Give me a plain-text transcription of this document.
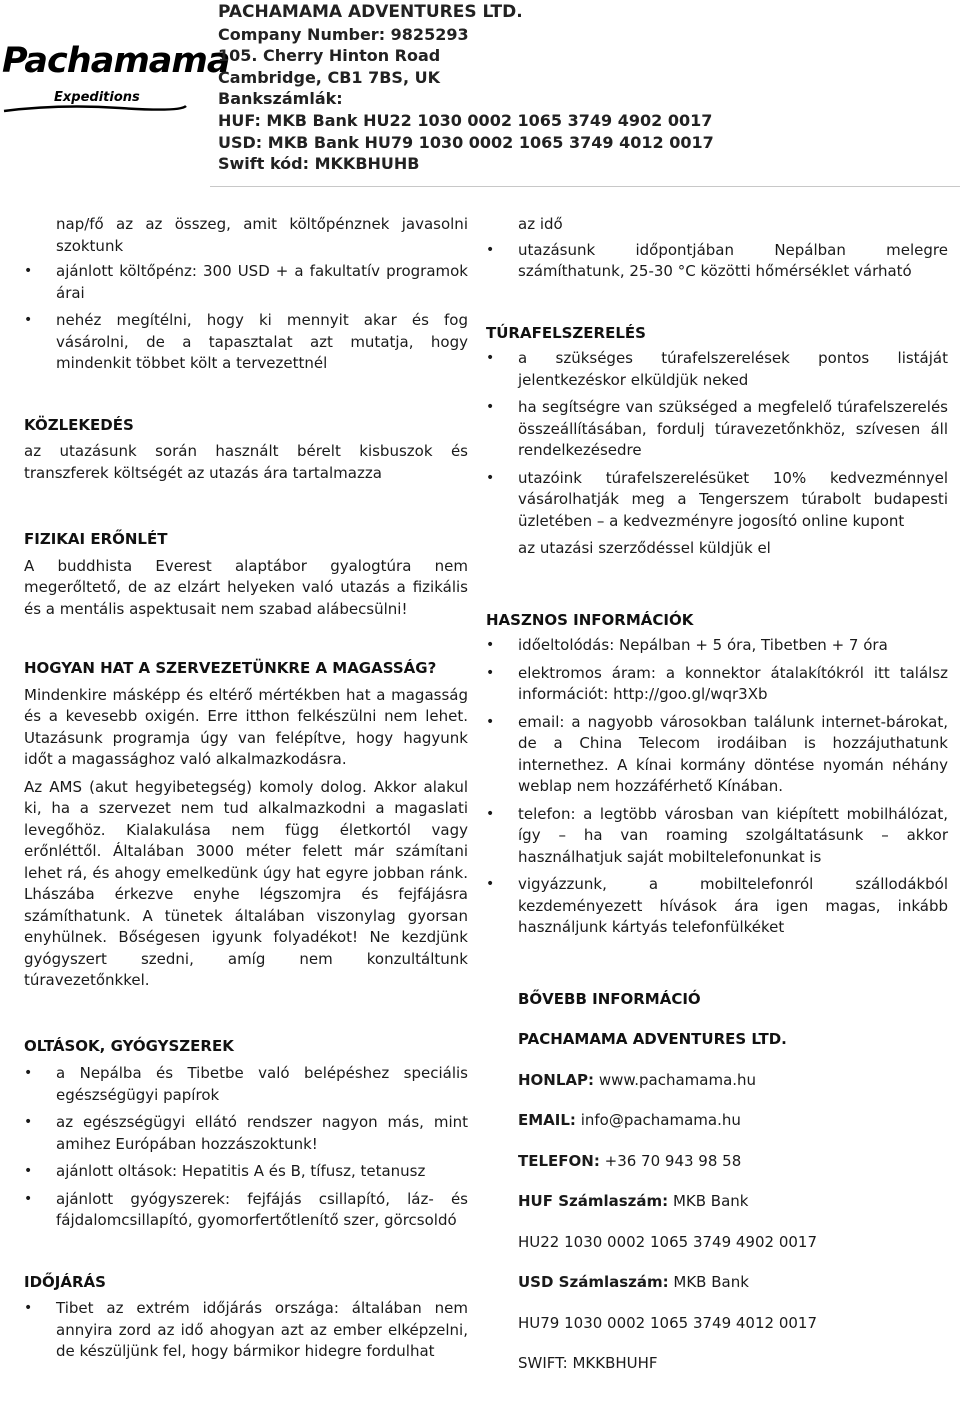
Pachamama
Expeditions
PACHAMAMA ADVENTURES LTD.
Company Number: 9825293
105. Cherry Hinton Road
Cambridge, CB1 7BS, UK
Bankszámlák:
HUF: MKB Bank HU22 1030 0002 1065 3749 4902 0017
USD: MKB Bank HU79 1030 0002 1065 3749 4012 0017
Swift kód: MKKBHUHB

nap/fő az az összeg, amit költőpénznek javasolni szoktunk

• ajánlott költőpénz: 300 USD + a fakultatív programok árai
• nehéz megítélni, hogy ki mennyit akar és fog vásárolni, de a tapasztalat azt mutatja, hogy mindenkit többet költ a tervezettnél

KÖZLEKEDÉS

az utazásunk során használt bérelt kisbuszok és transzferek költségét az utazás ára tartalmazza

FIZIKAI ERŐNLÉT

A buddhista Everest alaptábor gyalogtúra nem megerőltető, de az elzárt helyeken való utazás a fizikális és a mentális aspektusait nem szabad alábecsülni!

HOGYAN HAT A SZERVEZETÜNKRE A MAGASSÁG?

Mindenkire másképp és eltérő mértékben hat a magasság és a kevesebb oxigén. Erre itthon felkészülni nem lehet. Utazásunk programja úgy van felépítve, hogy hagyunk időt a magassághoz való alkalmazkodásra.

Az AMS (akut hegyibetegség) komoly dolog. Akkor alakul ki, ha a szervezet nem tud alkalmazkodni a magaslati levegőhöz. Kialakulása nem függ életkortól vagy erőnléttől. Általában 3000 méter felett már számítani lehet rá, és ahogy emelkedünk úgy hat egyre jobban ránk. Lhászába érkezve enyhe légszomjra és fejfájásra számíthatunk. A tünetek általában viszonylag gyorsan enyhülnek. Bőségesen igyunk folyadékot! Ne kezdjünk gyógyszert szedni, amíg nem konzultáltunk túravezetőnkkel.

OLTÁSOK, GYÓGYSZEREK

• a Nepálba és Tibetbe való belépéshez speciális egészségügyi papírok
• az egészségügyi ellátó rendszer nagyon más, mint amihez Európában hozzászoktunk!
• ajánlott oltások: Hepatitis A és B, tífusz, tetanusz
• ajánlott gyógyszerek: fejfájás csillapító, láz- és fájdalomcsillapító, gyomorfertőtlenítő szer, görcsoldó

IDŐJÁRÁS

• Tibet az extrém időjárás országa: általában nem annyira zord az idő ahogyan azt az ember elképzelni, de készüljünk fel, hogy bármikor hidegre fordulhat

az idő

• utazásunk időpontjában Nepálban melegre számíthatunk, 25-30 °C közötti hőmérséklet várható

TÚRAFELSZERELÉS

• a szükséges túrafelszerelések pontos listáját jelentkezéskor elküldjük neked
• ha segítségre van szükséged a megfelelő túrafelszerelés összeállításában, fordulj túravezetőnkhöz, szívesen áll rendelkezésedre
• utazóink túrafelszerelésüket 10% kedvezménnyel vásárolhatják meg a Tengerszem túrabolt budapesti üzletében – a kedvezményre jogosító online kupont

az utazási szerződéssel küldjük el

HASZNOS INFORMÁCIÓK

• időeltolódás: Nepálban + 5 óra, Tibetben + 7 óra
• elektromos áram: a konnektor átalakítókról itt találsz információt: http://goo.gl/wqr3Xb
• email: a nagyobb városokban találunk internet-bárokat, de a China Telecom irodáiban is hozzájuthatunk internethez. A kínai kormány döntése nyomán néhány weblap nem hozzáférhető Kínában.
• telefon: a legtöbb városban van kiépített mobilhálózat, így – ha van roaming szolgáltatásunk – akkor használhatjuk saját mobiltelefonunkat is
• vigyázzunk, a mobiltelefonról szállodákból kezdeményezett hívások ára igen magas, inkább használjunk kártyás telefonfülkéket

BŐVEBB INFORMÁCIÓ

PACHAMAMA ADVENTURES LTD.

HONLAP: www.pachamama.hu

EMAIL: info@pachamama.hu

TELEFON: +36 70 943 98 58

HUF Számlaszám: MKB Bank

HU22 1030 0002 1065 3749 4902 0017

USD Számlaszám: MKB Bank

HU79 1030 0002 1065 3749 4012 0017

SWIFT: MKKBHUHF
